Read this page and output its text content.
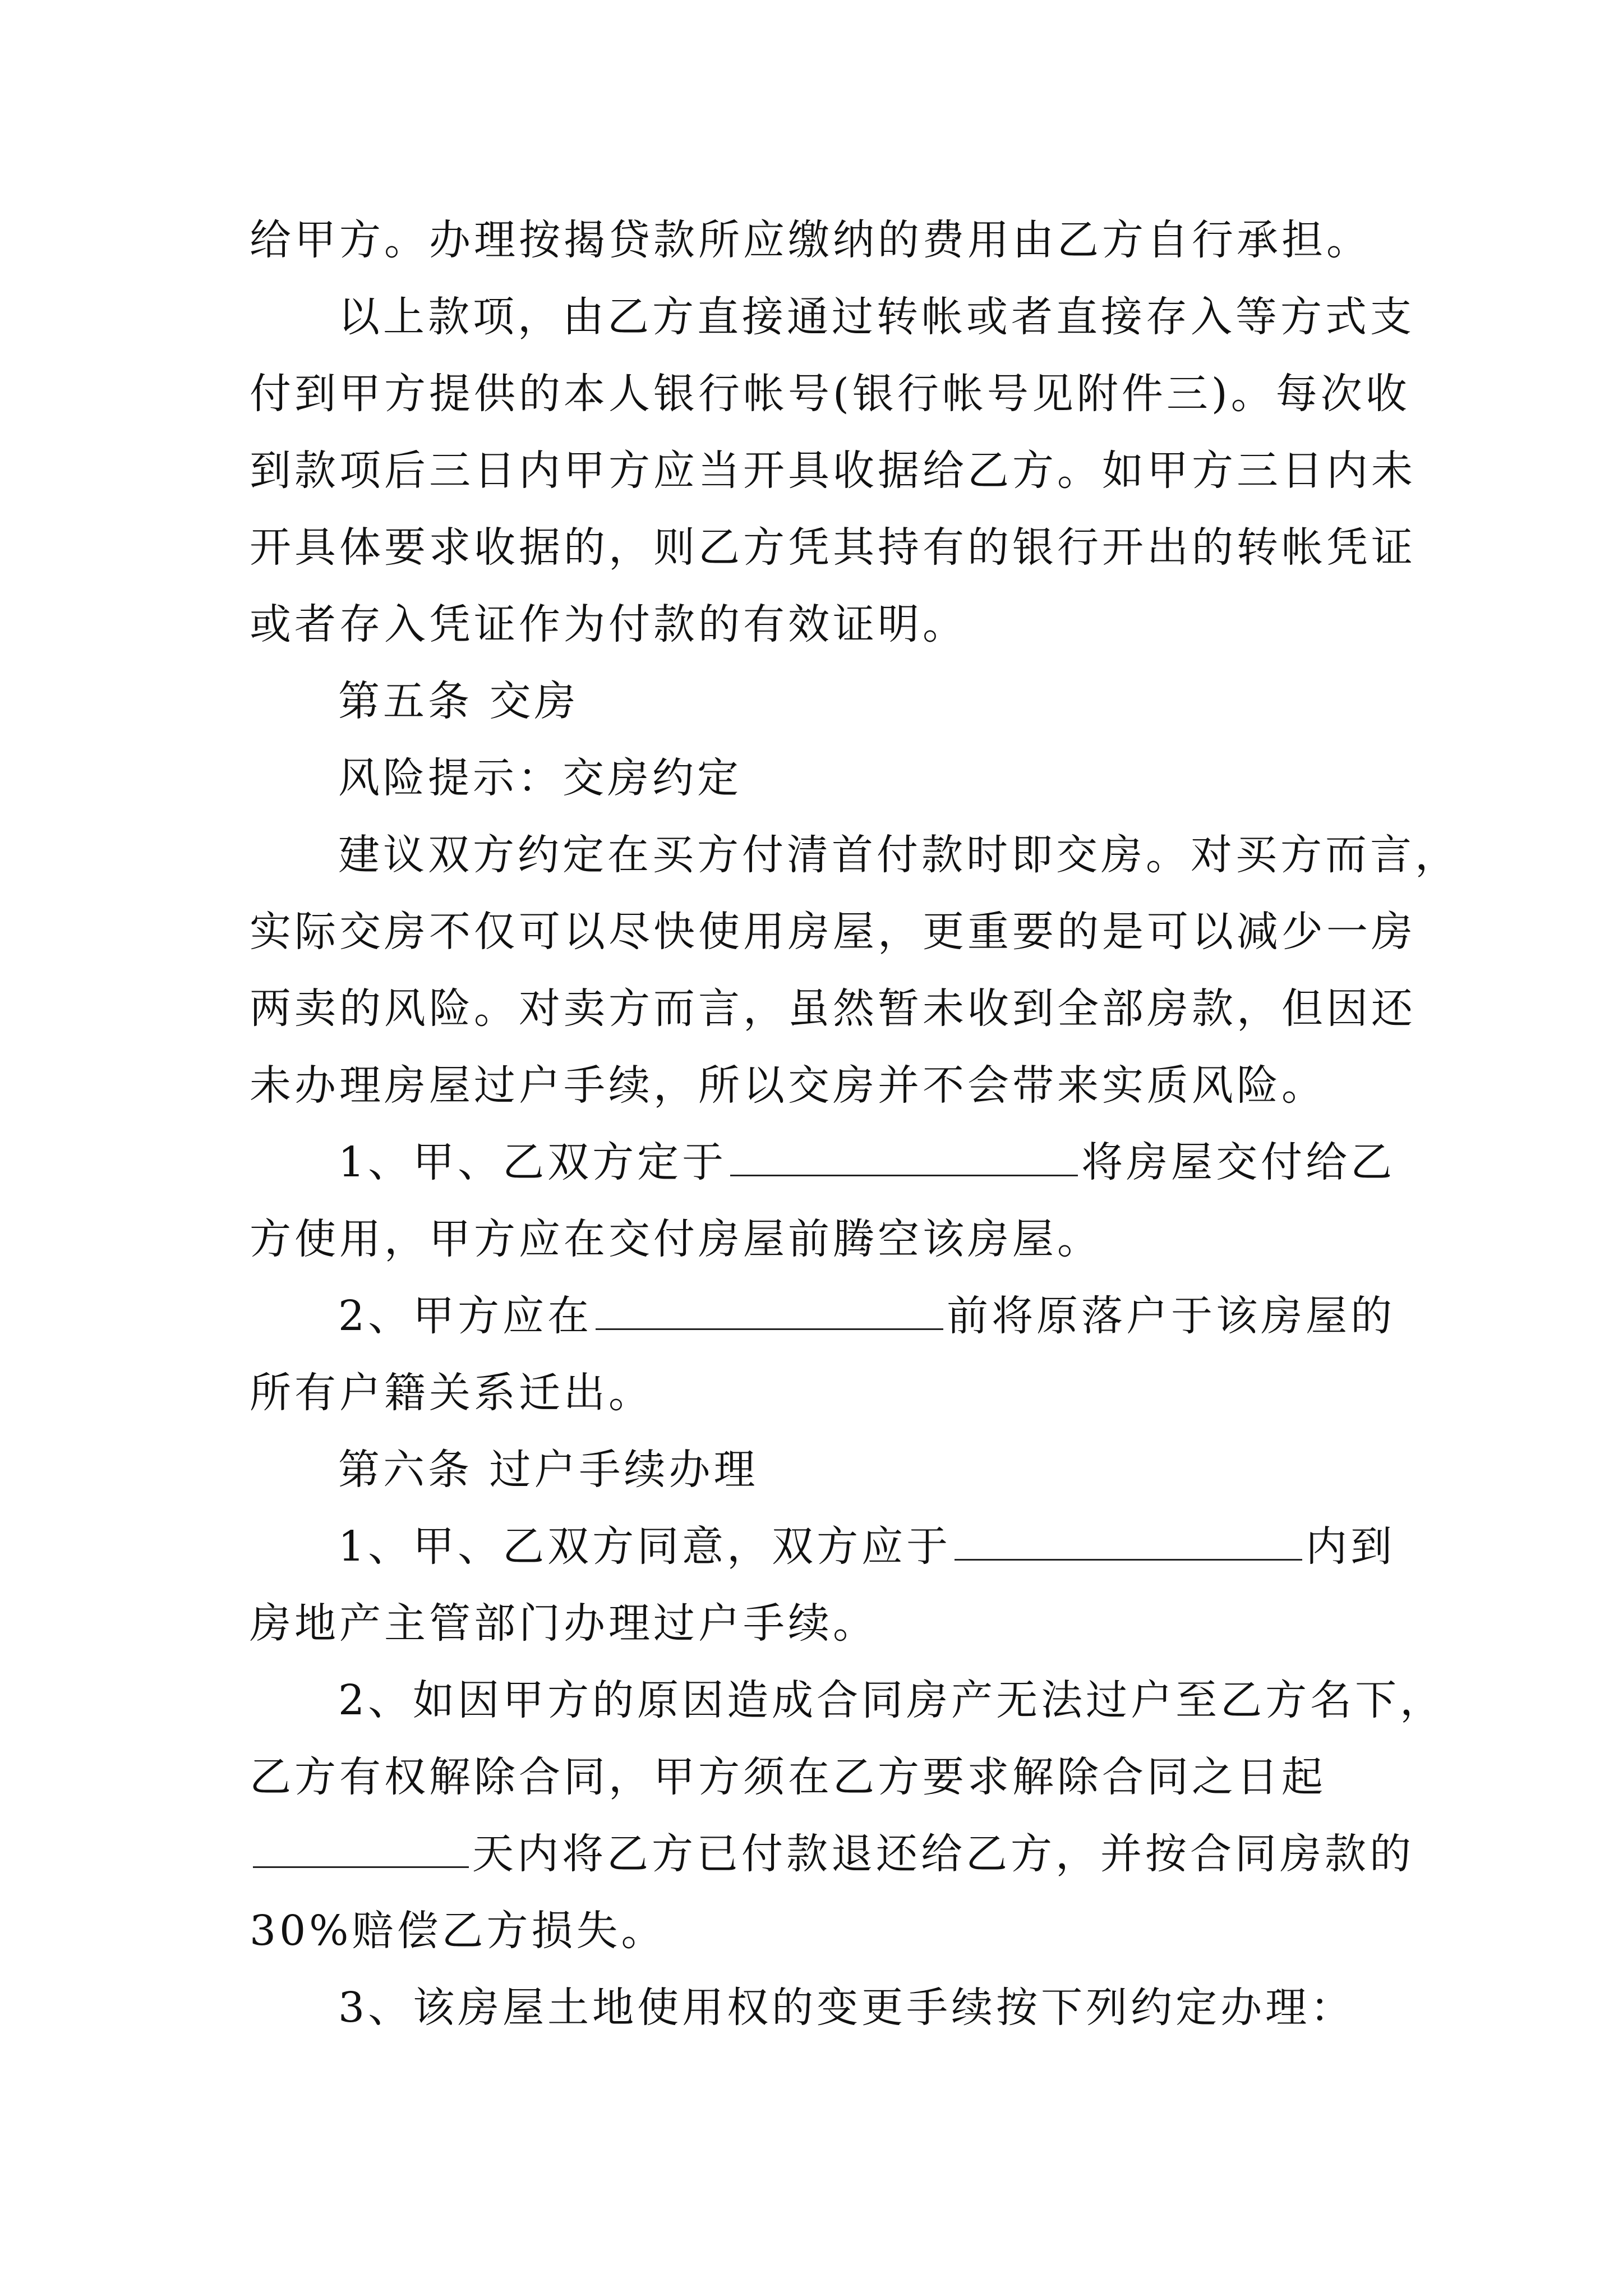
给甲方。办理按揭贷款所应缴纳的费用由乙方自行承担。
以上款项，由乙方直接通过转帐或者直接存入等方式支
付到甲方提供的本人银行帐号(银行帐号见附件三)。每次收
到款项后三日内甲方应当开具收据给乙方。如甲方三日内未
开具体要求收据的，则乙方凭其持有的银行开出的转帐凭证
或者存入凭证作为付款的有效证明。
第五条 交房
风险提示：交房约定
建议双方约定在买方付清首付款时即交房。对买方而言，
实际交房不仅可以尽快使用房屋，更重要的是可以减少一房
两卖的风险。对卖方而言，虽然暂未收到全部房款，但因还
未办理房屋过户手续，所以交房并不会带来实质风险。
1、甲、乙双方定于	将房屋交付给乙
方使用，甲方应在交付房屋前腾空该房屋。
2、甲方应在	前将原落户于该房屋的
所有户籍关系迁出。
第六条 过户手续办理
1、甲、乙双方同意，双方应于	内到
房地产主管部门办理过户手续。
2、如因甲方的原因造成合同房产无法过户至乙方名下，
乙方有权解除合同，甲方须在乙方要求解除合同之日起
天内将乙方已付款退还给乙方，并按合同房款的
30%赔偿乙方损失。
3、该房屋土地使用权的变更手续按下列约定办理：
